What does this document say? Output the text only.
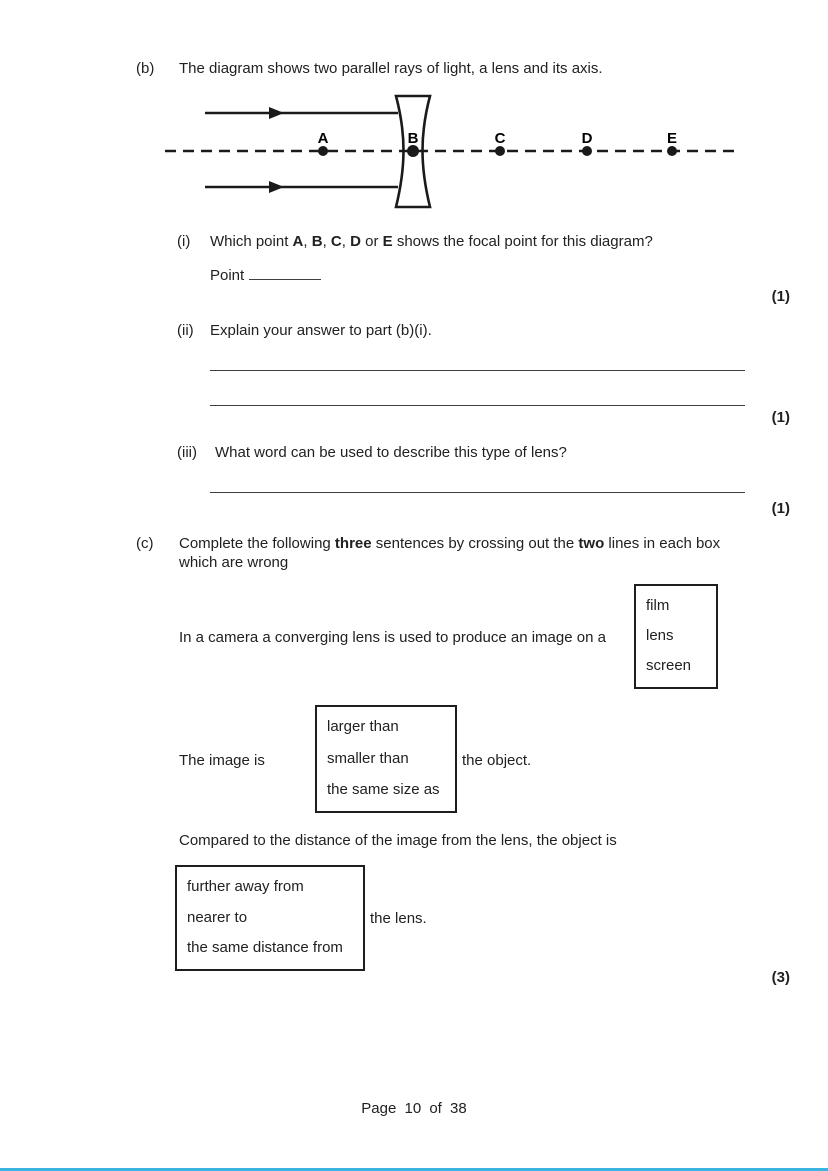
(b) The diagram shows two parallel rays of light, a lens and its axis.
A	B	C	D	E
(i) Which point A, B, C, D or E shows the focal point for this diagram?
Point
(1)
(ii) Explain your answer to part (b)(i).
(1)
(iii) What word can be used to describe this type of lens?
(1)
(c) Complete the following three sentences by crossing out the two lines in each box which are wrong
In a camera a converging lens is used to produce an image on a
film
lens
screen
The image is
larger than
smaller than
the same size as
the object.
Compared to the distance of the image from the lens, the object is
further away from
nearer to
the same distance from
the lens.
(3)
Page 10 of 38
